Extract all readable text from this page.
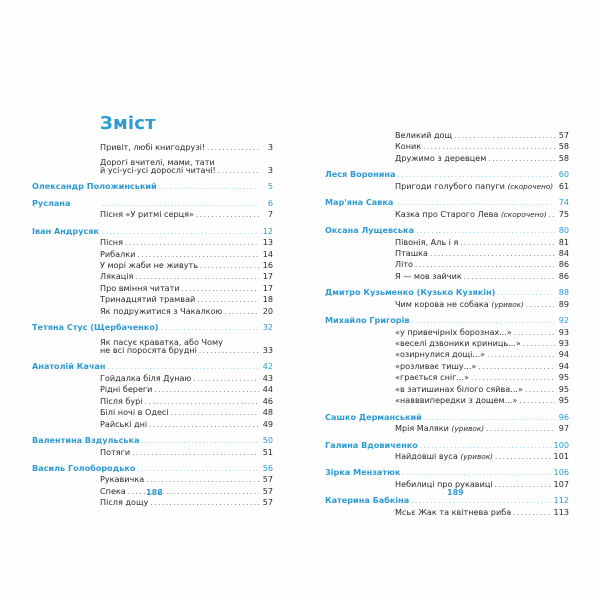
Зміст
Привіт, любі книгодрузі! .....	3
Дорогі вчителі, мами, тати
й усі-усі-усі дорослі читачі! .....	3
Олександр Положинський .....	5
Руслана .....	6
Пісня «У ритмі серця» .....	7
Іван Андрусяк .....	12
Пісня .....	13
Рибалки .....	14
У морі жаби не живуть .....	16
Лякація .....	17
Про вміння читати .....	17
Тринадцятий трамвай .....	18
Як подружитися з Чакалкою .....	20
Тетяна Стус (Щербаченко) .....	32
Як пасує краватка, або Чому
не всі поросята брудні .....	33
Анатолій Качан .....	42
Гойдалка біля Дунаю .....	43
Рідні береги .....	44
Після бурі .....	46
Білі ночі в Одесі .....	48
Райські дні .....	49
Валентина Вздульська .....	50
Потяги .....	51
Василь Голобородько .....	56
Рукавичка .....	57
Спека .....	57
Після дощу .....	57
188
Великий дощ .....	57
Коник .....	58
Дружимо з деревцем .....	58
Леся Воронина .....	60
Пригоди голубого папуги (скорочено) 61
Мар'яна Савка .....	74
Казка про Старого Лева (скорочено) ..... 75
Оксана Лущевська .....	80
Півонія, Аль і я .....	81
Пташка .....	84
Літо .....	86
Я — мов зайчик .....	86
Дмитро Кузьменко (Кузько Кузякін) .....	88
Чим корова не собака (уривок) .....	89
Михайло Григорів .....	92
«у привечірніх борознах...» .....	93
«веселі дзвоники криниць...» .....	93
«озирнулися дощі...» .....	94
«розливає тишу...» .....	94
«грається сніг...» .....	95
«в затишинах білого сяйва...» .....	95
«навввипередки з дощем...» .....	95
Сашко Дерманський .....	96
Мрія Маляки (уривок) .....	97
Галина Вдовиченко .....	100
Найдовші вуса (уривок) .....	101
Зірка Мензатюк .....	106
Небилиці про рукавиці .....	107
Катерина Бабкіна .....	112
Мсьє Жак та квітнева риба .....	113
189
